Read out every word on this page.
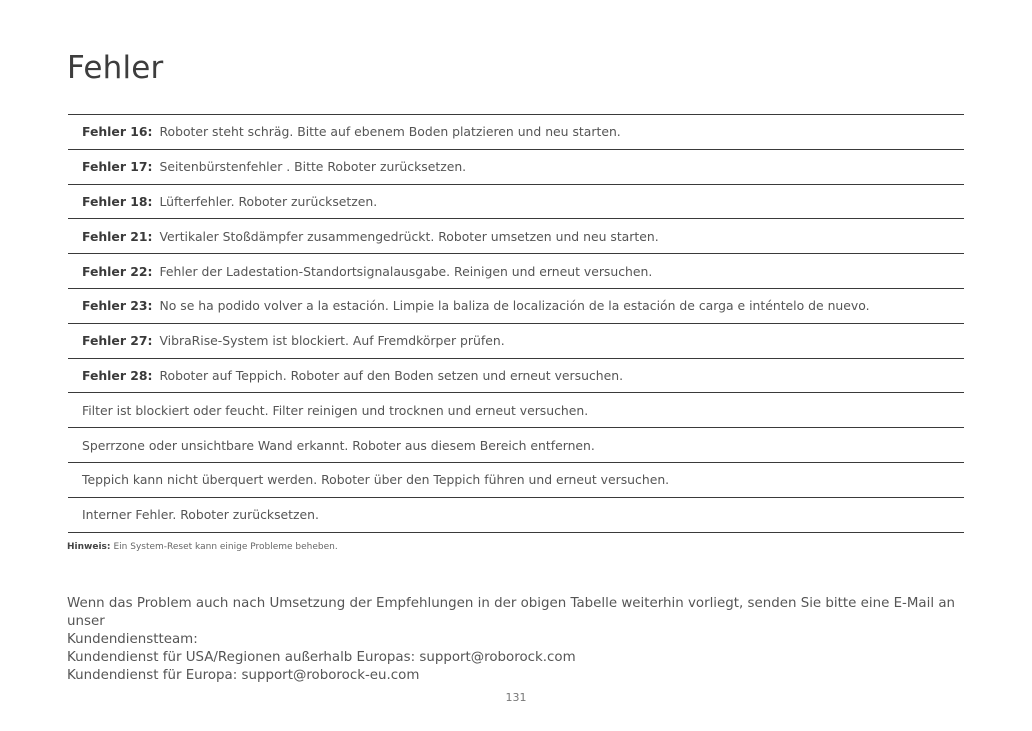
Fehler
Fehler 16: Roboter steht schräg. Bitte auf ebenem Boden platzieren und neu starten.
Fehler 17: Seitenbürstenfehler . Bitte Roboter zurücksetzen.
Fehler 18: Lüfterfehler. Roboter zurücksetzen.
Fehler 21: Vertikaler Stoßdämpfer zusammengedrückt. Roboter umsetzen und neu starten.
Fehler 22: Fehler der Ladestation-Standortsignalausgabe. Reinigen und erneut versuchen.
Fehler 23: No se ha podido volver a la estación. Limpie la baliza de localización de la estación de carga e inténtelo de nuevo.
Fehler 27: VibraRise-System ist blockiert. Auf Fremdkörper prüfen.
Fehler 28: Roboter auf Teppich. Roboter auf den Boden setzen und erneut versuchen.
Filter ist blockiert oder feucht. Filter reinigen und trocknen und erneut versuchen.
Sperrzone oder unsichtbare Wand erkannt. Roboter aus diesem Bereich entfernen.
Teppich kann nicht überquert werden. Roboter über den Teppich führen und erneut versuchen.
Interner Fehler. Roboter zurücksetzen.
Hinweis: Ein System-Reset kann einige Probleme beheben.
Wenn das Problem auch nach Umsetzung der Empfehlungen in der obigen Tabelle weiterhin vorliegt, senden Sie bitte eine E-Mail an unser
Kundendienstteam:
Kundendienst für USA/Regionen außerhalb Europas: support@roborock.com
Kundendienst für Europa: support@roborock-eu.com
131
